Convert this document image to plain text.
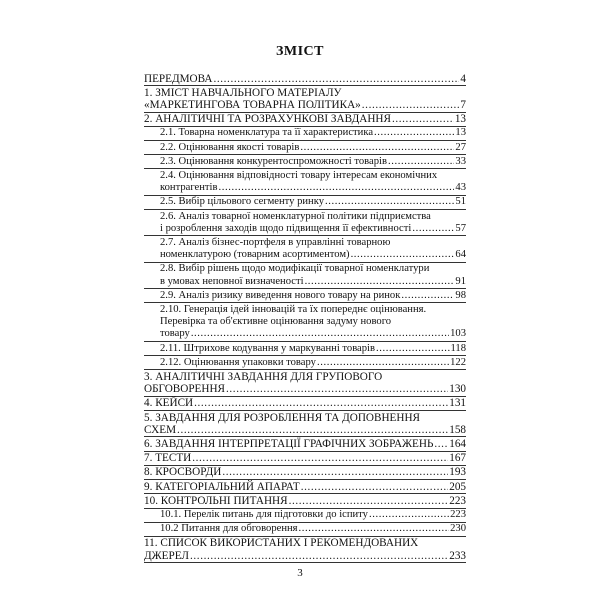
ЗМІСТ
ПЕРЕДМОВА .....	4
1. ЗМІСТ НАВЧАЛЬНОГО МАТЕРІАЛУ
«МАРКЕТИНГОВА ТОВАРНА ПОЛІТИКА» .....	7
2. АНАЛІТИЧНІ ТА РОЗРАХУНКОВІ ЗАВДАННЯ .....	13
2.1. Товарна номенклатура та її характеристика .....	13
2.2. Оцінювання якості товарів .....	27
2.3. Оцінювання конкурентоспроможності товарів .....	33
2.4. Оцінювання відповідності товару інтересам економічних
контрагентів .....	43
2.5. Вибір цільового сегменту ринку .....	51
2.6. Аналіз товарної номенклатурної політики підприємства
і розроблення заходів щодо підвищення її ефективності .....	57
2.7. Аналіз бізнес-портфеля в управлінні товарною
номенклатурою (товарним асортиментом) .....	64
2.8. Вибір рішень щодо модифікації товарної номенклатури
в умовах неповної визначеності .....	91
2.9. Аналіз ризику виведення нового товару на ринок .....	98
2.10. Генерація ідей інновацій та їх попереднє оцінювання.
Перевірка та об'єктивне оцінювання задуму нового
товару .....	103
2.11. Штрихове кодування у маркуванні товарів .....	118
2.12. Оцінювання упаковки товару .....	122
3. АНАЛІТИЧНІ ЗАВДАННЯ ДЛЯ ГРУПОВОГО
ОБГОВОРЕННЯ .....	130
4. КЕЙСИ .....	131
5. ЗАВДАННЯ ДЛЯ РОЗРОБЛЕННЯ ТА ДОПОВНЕННЯ
СХЕМ .....	158
6. ЗАВДАННЯ ІНТЕРПРЕТАЦІЇ ГРАФІЧНИХ ЗОБРАЖЕНЬ ..... 164
7. ТЕСТИ .....	167
8. КРОСВОРДИ .....	193
9. КАТЕГОРІАЛЬНИЙ АПАРАТ .....	205
10. КОНТРОЛЬНІ ПИТАННЯ .....	223
10.1. Перелік питань для підготовки до іспиту .....	223
10.2 Питання для обговорення .....	230
11. СПИСОК ВИКОРИСТАНИХ І РЕКОМЕНДОВАНИХ
ДЖЕРЕЛ .....	233
3
